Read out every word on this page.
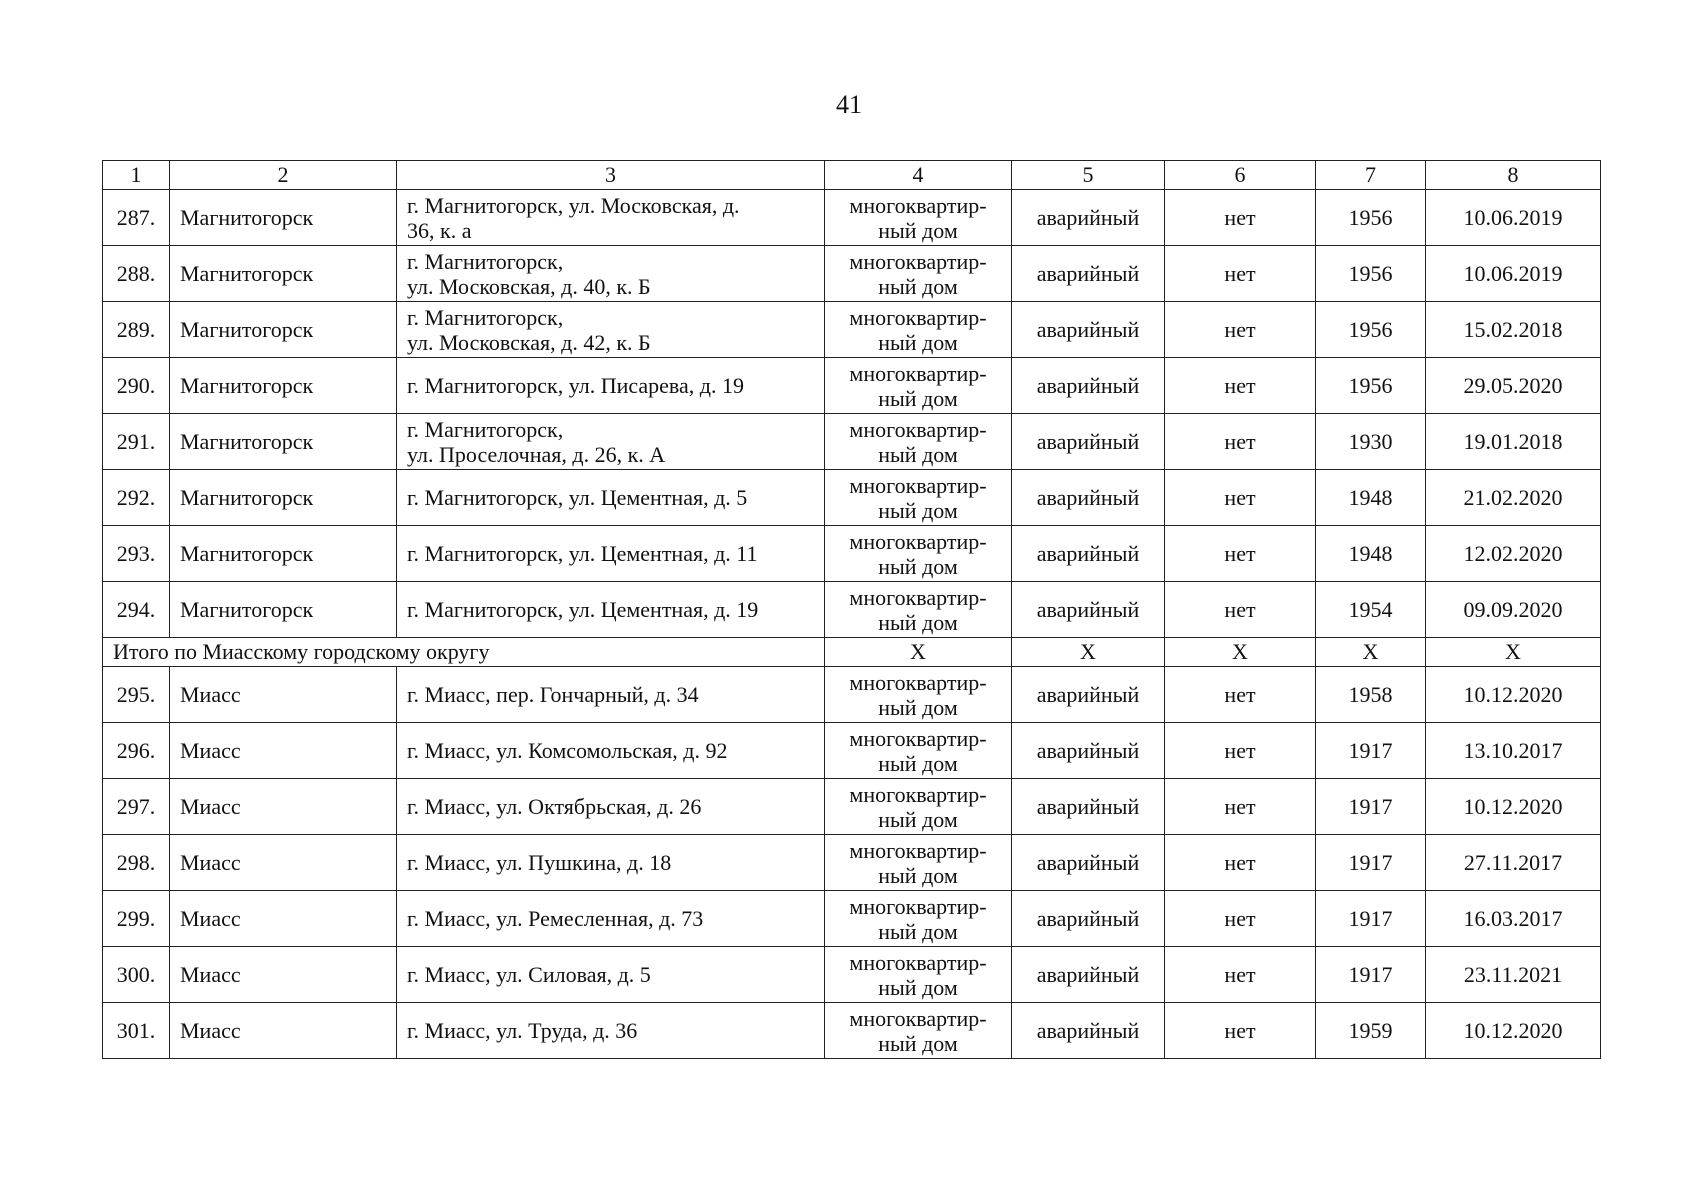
41
1	2	3	4	5	6	7	8
287.	Магнитогорск	г. Магнитогорск, ул. Московская, д.
36, к. а	многоквартир-
ный дом	аварийный	нет	1956	10.06.2019
288.	Магнитогорск	г. Магнитогорск,
ул. Московская, д. 40, к. Б	многоквартир-
ный дом	аварийный	нет	1956	10.06.2019
289.	Магнитогорск	г. Магнитогорск,
ул. Московская, д. 42, к. Б	многоквартир-
ный дом	аварийный	нет	1956	15.02.2018
290.	Магнитогорск	г. Магнитогорск, ул. Писарева, д. 19	многоквартир-
ный дом	аварийный	нет	1956	29.05.2020
291.	Магнитогорск	г. Магнитогорск,
ул. Проселочная, д. 26, к. А	многоквартир-
ный дом	аварийный	нет	1930	19.01.2018
292.	Магнитогорск	г. Магнитогорск, ул. Цементная, д. 5	многоквартир-
ный дом	аварийный	нет	1948	21.02.2020
293.	Магнитогорск	г. Магнитогорск, ул. Цементная, д. 11	многоквартир-
ный дом	аварийный	нет	1948	12.02.2020
294.	Магнитогорск	г. Магнитогорск, ул. Цементная, д. 19	многоквартир-
ный дом	аварийный	нет	1954	09.09.2020
Итого по Миасскому городскому округу			Х	Х	Х	Х	Х
295.	Миасс	г. Миасс, пер. Гончарный, д. 34	многоквартир-
ный дом	аварийный	нет	1958	10.12.2020
296.	Миасс	г. Миасс, ул. Комсомольская, д. 92	многоквартир-
ный дом	аварийный	нет	1917	13.10.2017
297.	Миасс	г. Миасс, ул. Октябрьская, д. 26	многоквартир-
ный дом	аварийный	нет	1917	10.12.2020
298.	Миасс	г. Миасс, ул. Пушкина, д. 18	многоквартир-
ный дом	аварийный	нет	1917	27.11.2017
299.	Миасс	г. Миасс, ул. Ремесленная, д. 73	многоквартир-
ный дом	аварийный	нет	1917	16.03.2017
300.	Миасс	г. Миасс, ул. Силовая, д. 5	многоквартир-
ный дом	аварийный	нет	1917	23.11.2021
301.	Миасс	г. Миасс, ул. Труда, д. 36	многоквартир-
ный дом	аварийный	нет	1959	10.12.2020
